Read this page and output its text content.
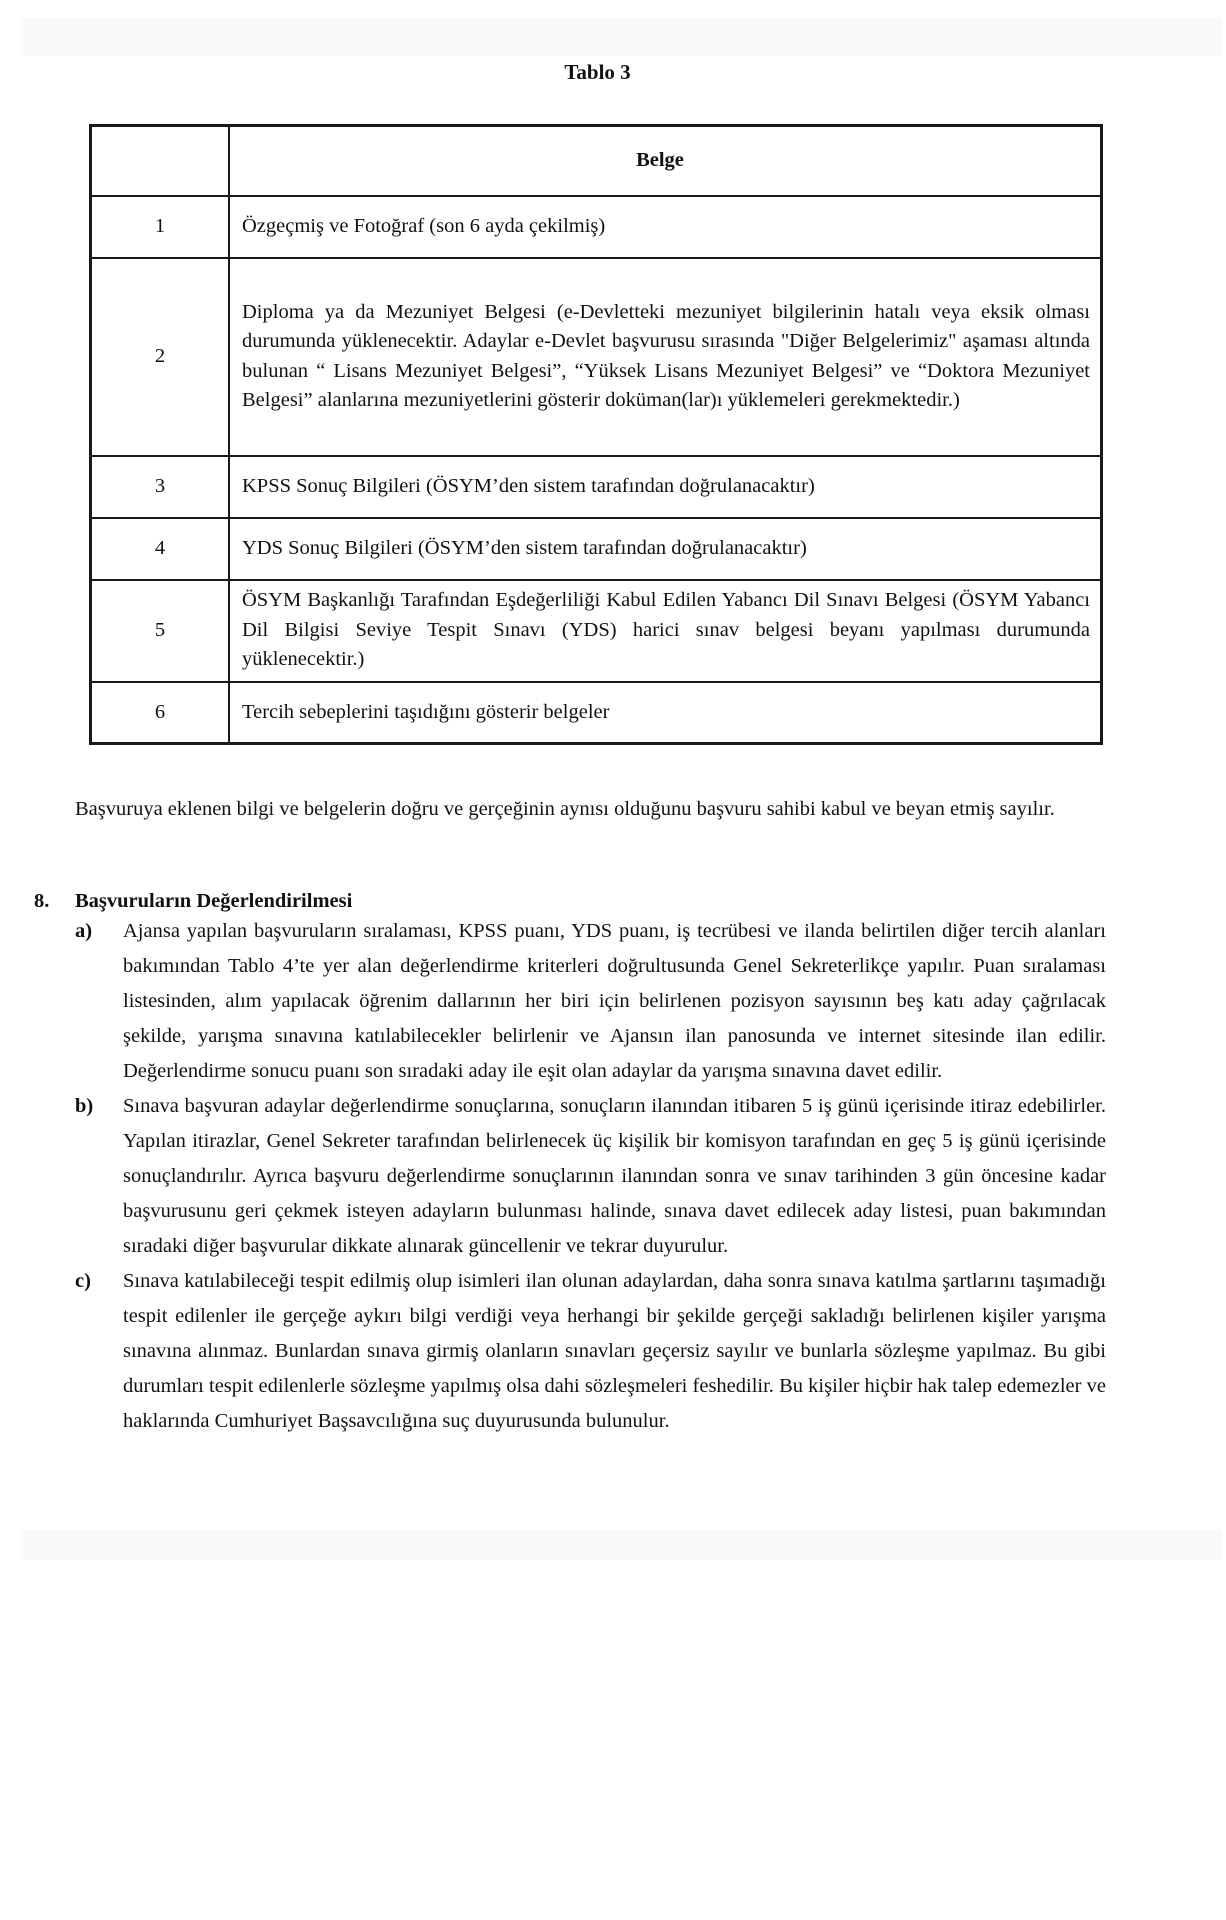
Tablo 3
	Belge
1	Özgeçmiş ve Fotoğraf (son 6 ayda çekilmiş)
2	Diploma ya da Mezuniyet Belgesi (e-Devletteki mezuniyet bilgilerinin hatalı veya eksik olması durumunda yüklenecektir. Adaylar e-Devlet başvurusu sırasında "Diğer Belgelerimiz" aşaması altında bulunan “ Lisans Mezuniyet Belgesi”, “Yüksek Lisans Mezuniyet Belgesi” ve “Doktora Mezuniyet Belgesi” alanlarına mezuniyetlerini gösterir doküman(lar)ı yüklemeleri gerekmektedir.)
3	KPSS Sonuç Bilgileri (ÖSYM’den sistem tarafından doğrulanacaktır)
4	YDS Sonuç Bilgileri (ÖSYM’den sistem tarafından doğrulanacaktır)
5	ÖSYM Başkanlığı Tarafından Eşdeğerliliği Kabul Edilen Yabancı Dil Sınavı Belgesi (ÖSYM Yabancı Dil Bilgisi Seviye Tespit Sınavı (YDS) harici sınav belgesi beyanı yapılması durumunda yüklenecektir.)
6	Tercih sebeplerini taşıdığını gösterir belgeler
Başvuruya eklenen bilgi ve belgelerin doğru ve gerçeğinin aynısı olduğunu başvuru sahibi kabul ve beyan etmiş sayılır.
8.	Başvuruların Değerlendirilmesi
a)	Ajansa yapılan başvuruların sıralaması, KPSS puanı, YDS puanı, iş tecrübesi ve ilanda belirtilen diğer tercih alanları bakımından Tablo 4’te yer alan değerlendirme kriterleri doğrultusunda Genel Sekreterlikçe yapılır. Puan sıralaması listesinden, alım yapılacak öğrenim dallarının her biri için belirlenen pozisyon sayısının beş katı aday çağrılacak şekilde, yarışma sınavına katılabilecekler belirlenir ve Ajansın ilan panosunda ve internet sitesinde ilan edilir. Değerlendirme sonucu puanı son sıradaki aday ile eşit olan adaylar da yarışma sınavına davet edilir.
b)	Sınava başvuran adaylar değerlendirme sonuçlarına, sonuçların ilanından itibaren 5 iş günü içerisinde itiraz edebilirler. Yapılan itirazlar, Genel Sekreter tarafından belirlenecek üç kişilik bir komisyon tarafından en geç 5 iş günü içerisinde sonuçlandırılır. Ayrıca başvuru değerlendirme sonuçlarının ilanından sonra ve sınav tarihinden 3 gün öncesine kadar başvurusunu geri çekmek isteyen adayların bulunması halinde, sınava davet edilecek aday listesi, puan bakımından sıradaki diğer başvurular dikkate alınarak güncellenir ve tekrar duyurulur.
c)	Sınava katılabileceği tespit edilmiş olup isimleri ilan olunan adaylardan, daha sonra sınava katılma şartlarını taşımadığı tespit edilenler ile gerçeğe aykırı bilgi verdiği veya herhangi bir şekilde gerçeği sakladığı belirlenen kişiler yarışma sınavına alınmaz. Bunlardan sınava girmiş olanların sınavları geçersiz sayılır ve bunlarla sözleşme yapılmaz. Bu gibi durumları tespit edilenlerle sözleşme yapılmış olsa dahi sözleşmeleri feshedilir. Bu kişiler hiçbir hak talep edemezler ve haklarında Cumhuriyet Başsavcılığına suç duyurusunda bulunulur.
